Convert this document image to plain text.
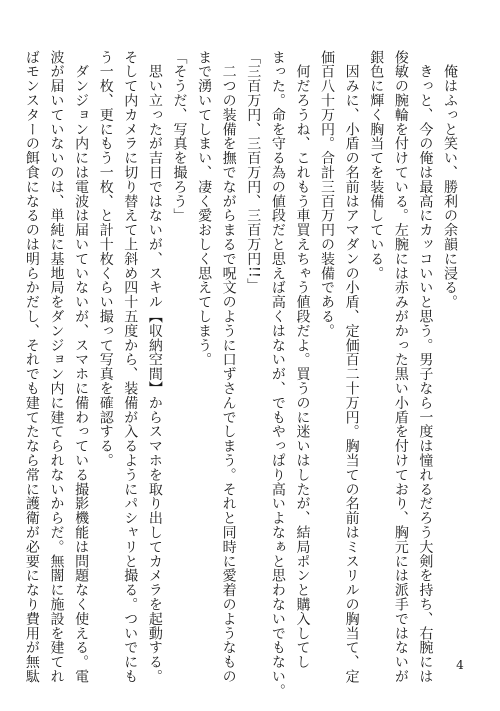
　俺はふっと笑い、勝利の余韻に浸る。
　きっと、今の俺は最高にカッコいいと思う。男子なら一度は憧れるだろう大剣を持ち、右腕には
俊敏の腕輪を付けている。左腕には赤みがかった黒い小盾を付けており、胸元には派手ではないが
銀色に輝く胸当てを装備している。
　因みに、小盾の名前はアマダンの小盾、定価百二十万円。胸当ての名前はミスリルの胸当て、定
価百八十万円。合計三百万円の装備である。
　何だろうね、これもう車買えちゃう値段だよ。買うのに迷いはしたが、結局ポンと購入してし
まった。命を守る為の値段だと思えば高くはないが、でもやっぱり高いよなぁと思わないでもない。
「三百万円、三百万円、三百万円!!」
　二つの装備を撫でながらまるで呪文のように口ずさんでしまう。それと同時に愛着のようなもの
まで湧いてしまい、凄く愛おしく思えてしまう。
「そうだ、写真を撮ろう」
　思い立ったが吉日ではないが、スキル【収納空間】からスマホを取り出してカメラを起動する。
そして内カメラに切り替えて上斜め四十五度から、装備が入るようにパシャリと撮る。ついでにも
う一枚、更にもう一枚、と計十枚くらい撮って写真を確認する。
　ダンジョン内には電波は届いていないが、スマホに備わっている撮影機能は問題なく使える。電
波が届いていないのは、単純に基地局をダンジョン内に建てられないからだ。無闇に施設を建てれ
ばモンスターの餌食になるのは明らかだし、それでも建てたなら常に護衛が必要になり費用が無駄	4
